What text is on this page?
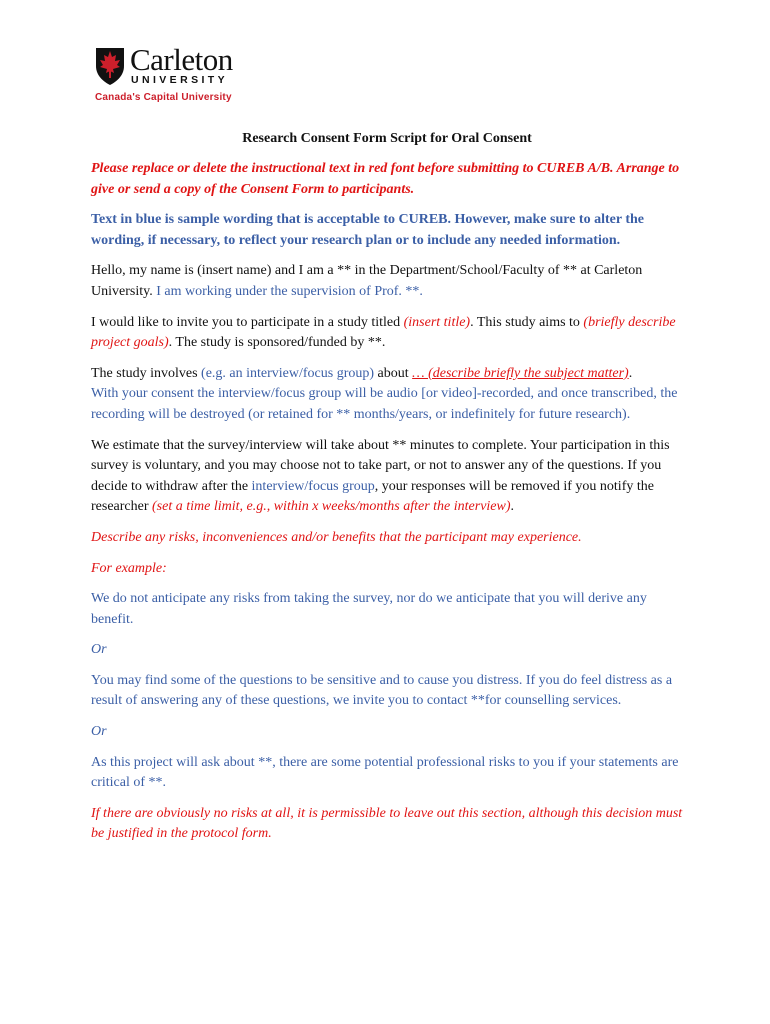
Carleton
UNIVERSITY
Canada's Capital University
Research Consent Form Script for Oral Consent

Please replace or delete the instructional text in red font before submitting to CUREB A/B. Arrange to give or send a copy of the Consent Form to participants.

Text in blue is sample wording that is acceptable to CUREB. However, make sure to alter the wording, if necessary, to reflect your research plan or to include any needed information.

Hello, my name is (insert name) and I am a ** in the Department/School/Faculty of ** at Carleton University. I am working under the supervision of Prof. **.

I would like to invite you to participate in a study titled (insert title). This study aims to (briefly describe project goals). The study is sponsored/funded by **.

The study involves (e.g. an interview/focus group) about … (describe briefly the subject matter).
With your consent the interview/focus group will be audio [or video]-recorded, and once transcribed, the recording will be destroyed (or retained for ** months/years, or indefinitely for future research).

We estimate that the survey/interview will take about ** minutes to complete. Your participation in this survey is voluntary, and you may choose not to take part, or not to answer any of the questions. If you decide to withdraw after the interview/focus group, your responses will be removed if you notify the researcher (set a time limit, e.g., within x weeks/months after the interview).

Describe any risks, inconveniences and/or benefits that the participant may experience.

For example:

We do not anticipate any risks from taking the survey, nor do we anticipate that you will derive any benefit.

Or

You may find some of the questions to be sensitive and to cause you distress. If you do feel distress as a result of answering any of these questions, we invite you to contact **for counselling services.

Or

As this project will ask about **, there are some potential professional risks to you if your statements are critical of **.

If there are obviously no risks at all, it is permissible to leave out this section, although this decision must be justified in the protocol form.
